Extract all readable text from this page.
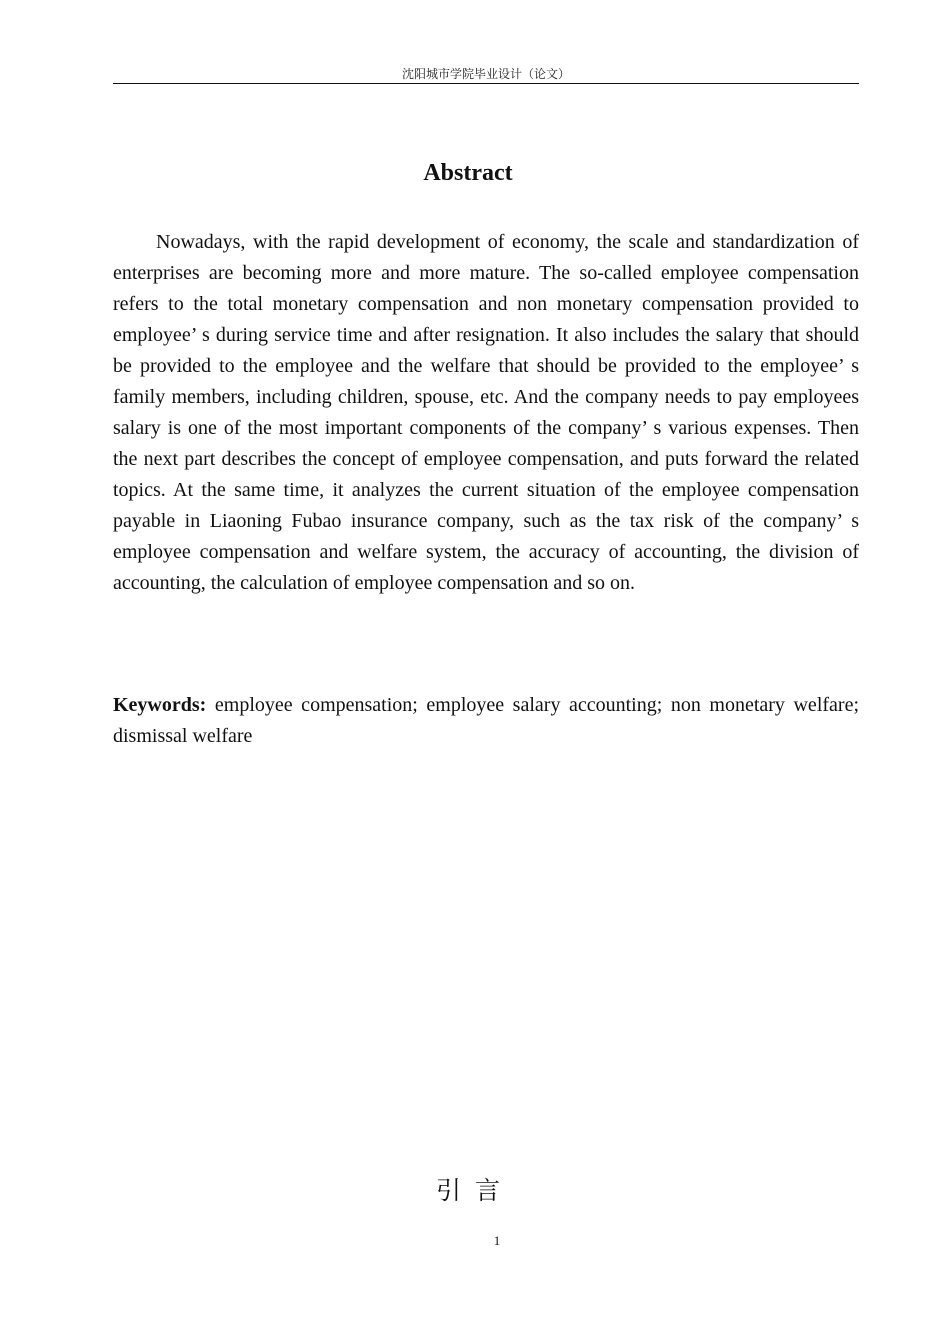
沈阳城市学院毕业设计（论文）
Abstract

Nowadays, with the rapid development of economy, the scale and standardization of enterprises are becoming more and more mature. The so-called employee compensation refers to the total monetary compensation and non monetary compensation provided to employee’ s during service time and after resignation. It also includes the salary that should be provided to the employee and the welfare that should be provided to the employee’ s family members, including children, spouse, etc. And the company needs to pay employees salary is one of the most important components of the company’ s various expenses. Then the next part describes the concept of employee compensation, and puts forward the related topics. At the same time, it analyzes the current situation of the employee compensation payable in Liaoning Fubao insurance company, such as the tax risk of the company’ s employee compensation and welfare system, the accuracy of accounting, the division of accounting, the calculation of employee compensation and so on.

Keywords: employee compensation; employee salary accounting; non monetary welfare; dismissal welfare

引言
1
